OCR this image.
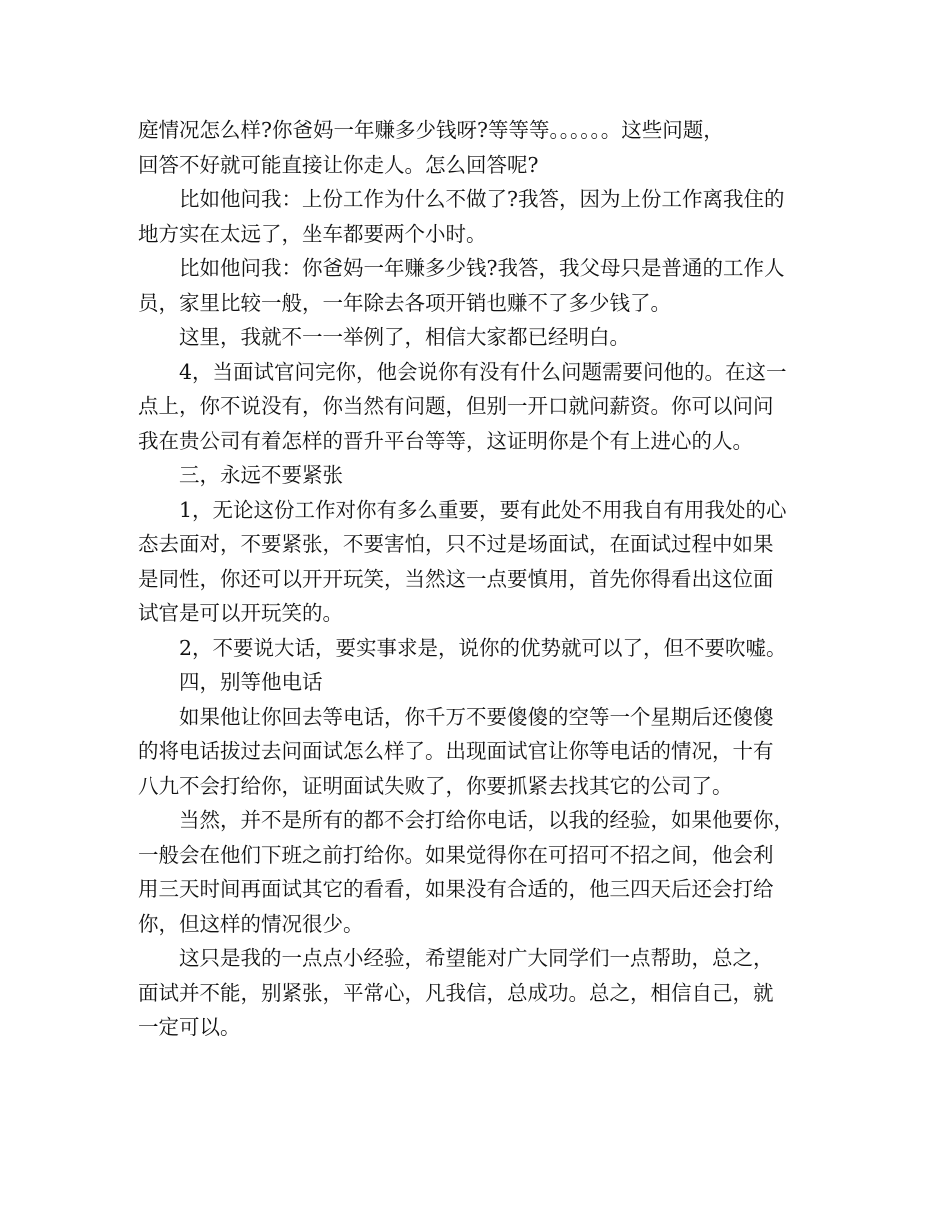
庭情况怎么样?你爸妈一年赚多少钱呀?等等等。。。。。。这些问题，
回答不好就可能直接让你走人。怎么回答呢?

比如他问我：上份工作为什么不做了?我答，因为上份工作离我住的
地方实在太远了，坐车都要两个小时。

比如他问我：你爸妈一年赚多少钱?我答，我父母只是普通的工作人
员，家里比较一般，一年除去各项开销也赚不了多少钱了。

这里，我就不一一举例了，相信大家都已经明白。

4，当面试官问完你，他会说你有没有什么问题需要问他的。在这一
点上，你不说没有，你当然有问题，但别一开口就问薪资。你可以问问
我在贵公司有着怎样的晋升平台等等，这证明你是个有上进心的人。

三，永远不要紧张

1，无论这份工作对你有多么重要，要有此处不用我自有用我处的心
态去面对，不要紧张，不要害怕，只不过是场面试，在面试过程中如果
是同性，你还可以开开玩笑，当然这一点要慎用，首先你得看出这位面
试官是可以开玩笑的。

2，不要说大话，要实事求是，说你的优势就可以了，但不要吹嘘。

四，别等他电话

如果他让你回去等电话，你千万不要傻傻的空等一个星期后还傻傻
的将电话拔过去问面试怎么样了。出现面试官让你等电话的情况，十有
八九不会打给你，证明面试失败了，你要抓紧去找其它的公司了。

当然，并不是所有的都不会打给你电话，以我的经验，如果他要你，
一般会在他们下班之前打给你。如果觉得你在可招可不招之间，他会利
用三天时间再面试其它的看看，如果没有合适的，他三四天后还会打给
你，但这样的情况很少。

这只是我的一点点小经验，希望能对广大同学们一点帮助，总之，
面试并不能，别紧张，平常心，凡我信，总成功。总之，相信自己，就
一定可以。
